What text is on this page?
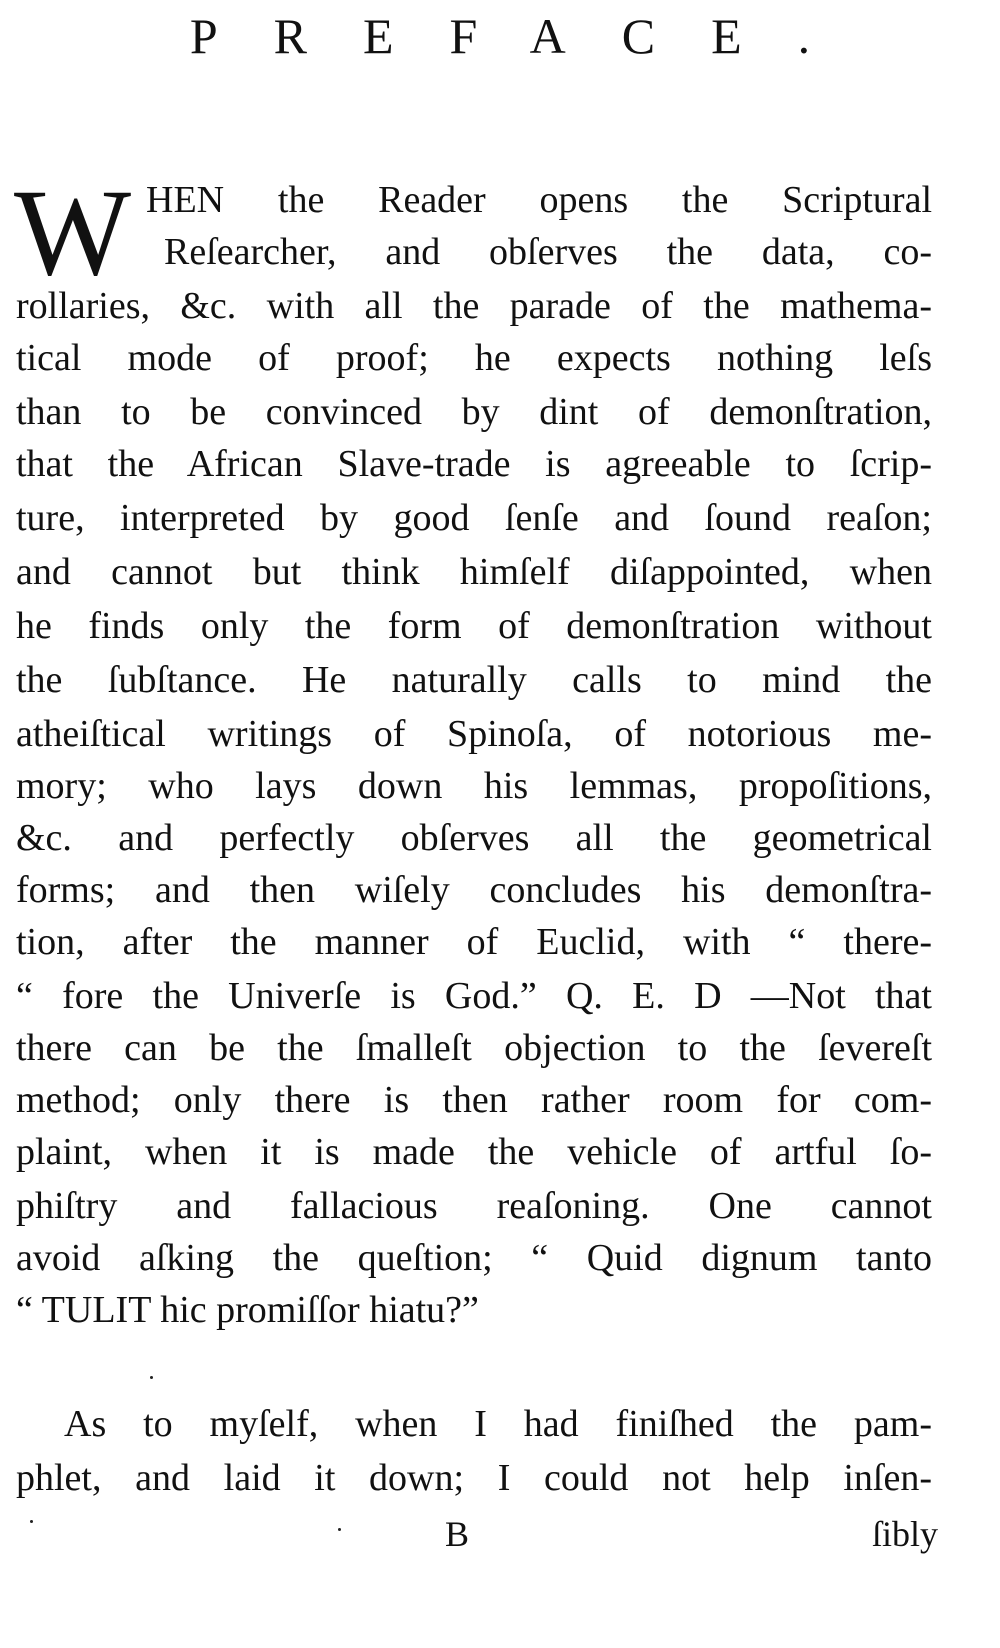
PREFACE.
W HEN the Reader opens the Scriptural
Reſearcher, and obſerves the data, co-
rollaries, &c. with all the parade of the mathema-
tical mode of proof; he expects nothing leſs
than to be convinced by dint of demonſtration,
that the African Slave-trade is agreeable to ſcrip-
ture, interpreted by good ſenſe and ſound reaſon;
and cannot but think himſelf diſappointed, when
he finds only the form of demonſtration without
the ſubſtance. He naturally calls to mind the
atheiſtical writings of Spinoſa, of notorious me-
mory; who lays down his lemmas, propoſitions,
&c. and perfectly obſerves all the geometrical
forms; and then wiſely concludes his demonſtra-
tion, after the manner of Euclid, with “ there-
“ fore the Univerſe is God.” Q. E. D —Not that
there can be the ſmalleſt objection to the ſevereſt
method; only there is then rather room for com-
plaint, when it is made the vehicle of artful ſo-
phiſtry and fallacious reaſoning. One cannot
avoid aſking the queſtion; “ Quid dignum tanto
“ TULIT hic promiſſor hiatu?”
As to myſelf, when I had finiſhed the pam-
phlet, and laid it down; I could not help inſen-
B	ſibly
